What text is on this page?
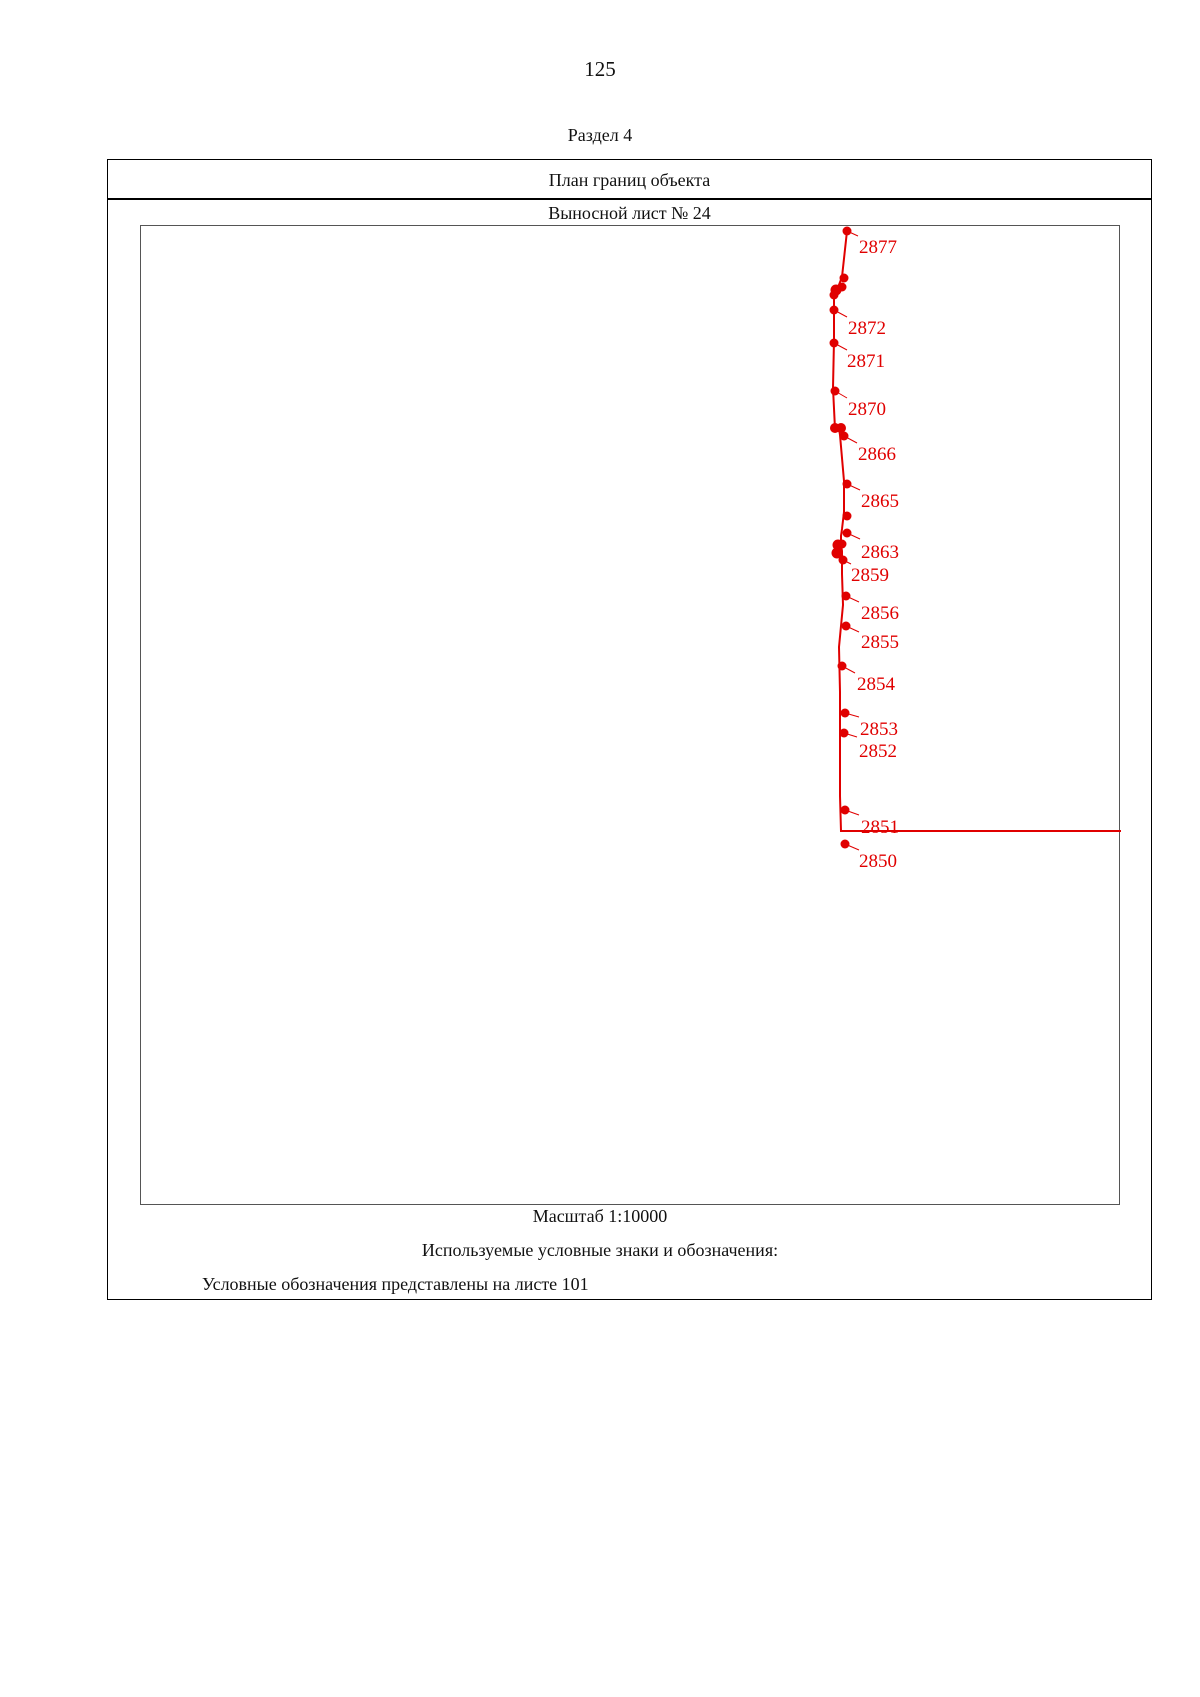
125
Раздел 4
План границ объекта
Выносной лист № 24
2877
2872
2871
2870
2866
2865
2863
2859
2856
2855
2854
2853
2852
2851
2850
Масштаб 1:10000
Используемые условные знаки и обозначения:
Условные обозначения представлены на листе 101
